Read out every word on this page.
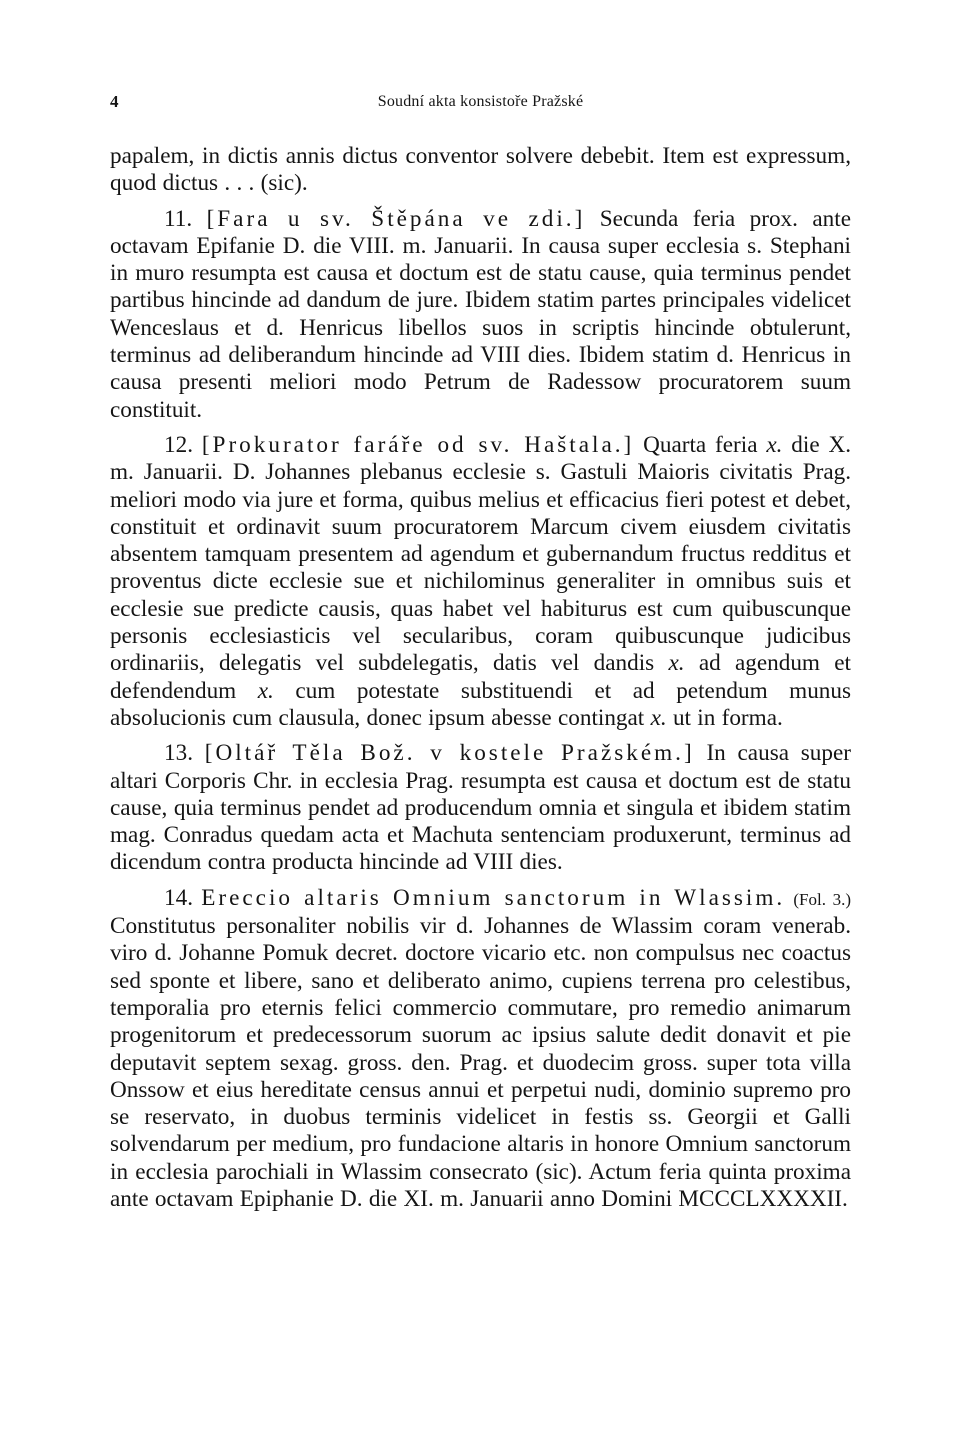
4	Soudní akta konsistoře Pražské

papalem, in dictis annis dictus conventor solvere debebit. Item est expressum, quod dictus . . . (sic).

11. [Fara u sv. Štěpána ve zdi.] Secunda feria prox. ante octavam Epifanie D. die VIII. m. Januarii. In causa super ecclesia s. Stephani in muro resumpta est causa et doctum est de statu cause, quia terminus pendet partibus hincinde ad dandum de jure. Ibidem statim partes principales videlicet Wenceslaus et d. Henricus libellos suos in scriptis hincinde obtulerunt, terminus ad deliberandum hincinde ad VIII dies. Ibidem statim d. Henricus in causa presenti meliori modo Petrum de Radessow procuratorem suum constituit.

12. [Prokurator faráře od sv. Haštala.] Quarta feria x. die X. m. Januarii. D. Johannes plebanus ecclesie s. Gastuli Maioris civitatis Prag. meliori modo via jure et forma, quibus melius et efficacius fieri potest et debet, constituit et ordinavit suum procuratorem Marcum civem eiusdem civitatis absentem tamquam presentem ad agendum et gubernandum fructus redditus et proventus dicte ecclesie sue et nichilominus generaliter in omnibus suis et ecclesie sue predicte causis, quas habet vel habiturus est cum quibuscunque personis ecclesiasticis vel secularibus, coram quibuscunque judicibus ordinariis, delegatis vel subdelegatis, datis vel dandis x. ad agendum et defendendum x. cum potestate substituendi et ad petendum munus absolucionis cum clausula, donec ipsum abesse contingat x. ut in forma.

13. [Oltář Těla Bož. v kostele Pražském.] In causa super altari Corporis Chr. in ecclesia Prag. resumpta est causa et doctum est de statu cause, quia terminus pendet ad producendum omnia et singula et ibidem statim mag. Conradus quedam acta et Machuta sentenciam produxerunt, terminus ad dicendum contra producta hincinde ad VIII dies.

14. Ereccio altaris Omnium sanctorum in Wlassim. (Fol. 3.) Constitutus personaliter nobilis vir d. Johannes de Wlassim coram venerab. viro d. Johanne Pomuk decret. doctore vicario etc. non compulsus nec coactus sed sponte et libere, sano et deliberato animo, cupiens terrena pro celestibus, temporalia pro eternis felici commercio commutare, pro remedio animarum progenitorum et predecessorum suorum ac ipsius salute dedit donavit et pie deputavit septem sexag. gross. den. Prag. et duodecim gross. super tota villa Onssow et eius hereditate census annui et perpetui nudi, dominio supremo pro se reservato, in duobus terminis videlicet in festis ss. Georgii et Galli solvendarum per medium, pro fundacione altaris in honore Omnium sanctorum in ecclesia parochiali in Wlassim consecrato (sic). Actum feria quinta proxima ante octavam Epiphanie D. die XI. m. Januarii anno Domini MCCCLXXXXII.
